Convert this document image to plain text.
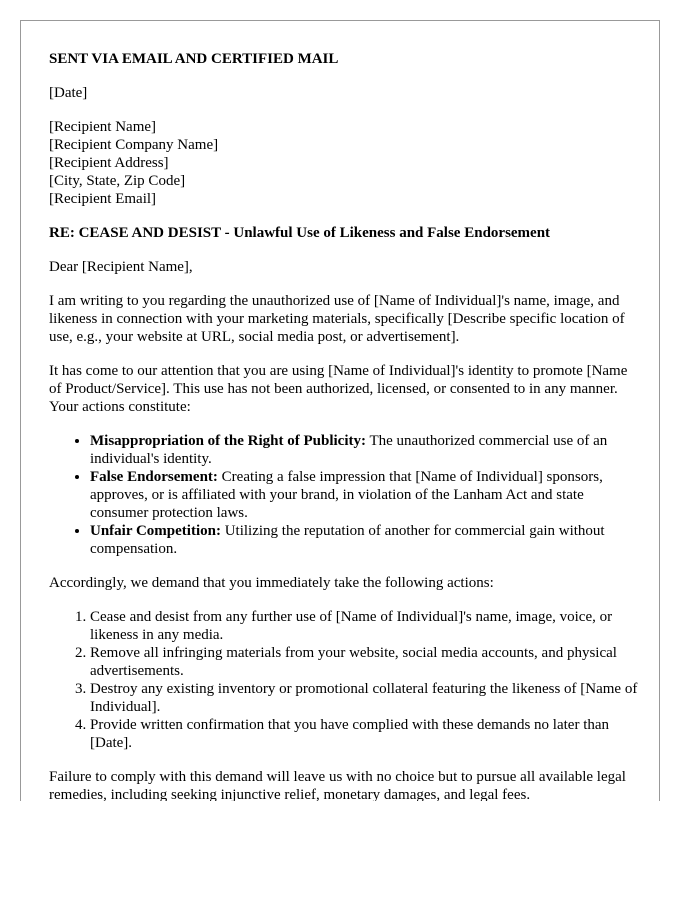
SENT VIA EMAIL AND CERTIFIED MAIL

[Date]

[Recipient Name]
[Recipient Company Name]
[Recipient Address]
[City, State, Zip Code]
[Recipient Email]

RE: CEASE AND DESIST - Unlawful Use of Likeness and False Endorsement

Dear [Recipient Name],

I am writing to you regarding the unauthorized use of [Name of Individual]'s name, image, and likeness in connection with your marketing materials, specifically [Describe specific location of use, e.g., your website at URL, social media post, or advertisement].

It has come to our attention that you are using [Name of Individual]'s identity to promote [Name of Product/Service]. This use has not been authorized, licensed, or consented to in any manner. Your actions constitute:

• Misappropriation of the Right of Publicity: The unauthorized commercial use of an individual's identity.
• False Endorsement: Creating a false impression that [Name of Individual] sponsors, approves, or is affiliated with your brand, in violation of the Lanham Act and state consumer protection laws.
• Unfair Competition: Utilizing the reputation of another for commercial gain without compensation.

Accordingly, we demand that you immediately take the following actions:

1. Cease and desist from any further use of [Name of Individual]'s name, image, voice, or likeness in any media.
2. Remove all infringing materials from your website, social media accounts, and physical advertisements.
3. Destroy any existing inventory or promotional collateral featuring the likeness of [Name of Individual].
4. Provide written confirmation that you have complied with these demands no later than [Date].

Failure to comply with this demand will leave us with no choice but to pursue all available legal remedies, including seeking injunctive relief, monetary damages, and legal fees.
